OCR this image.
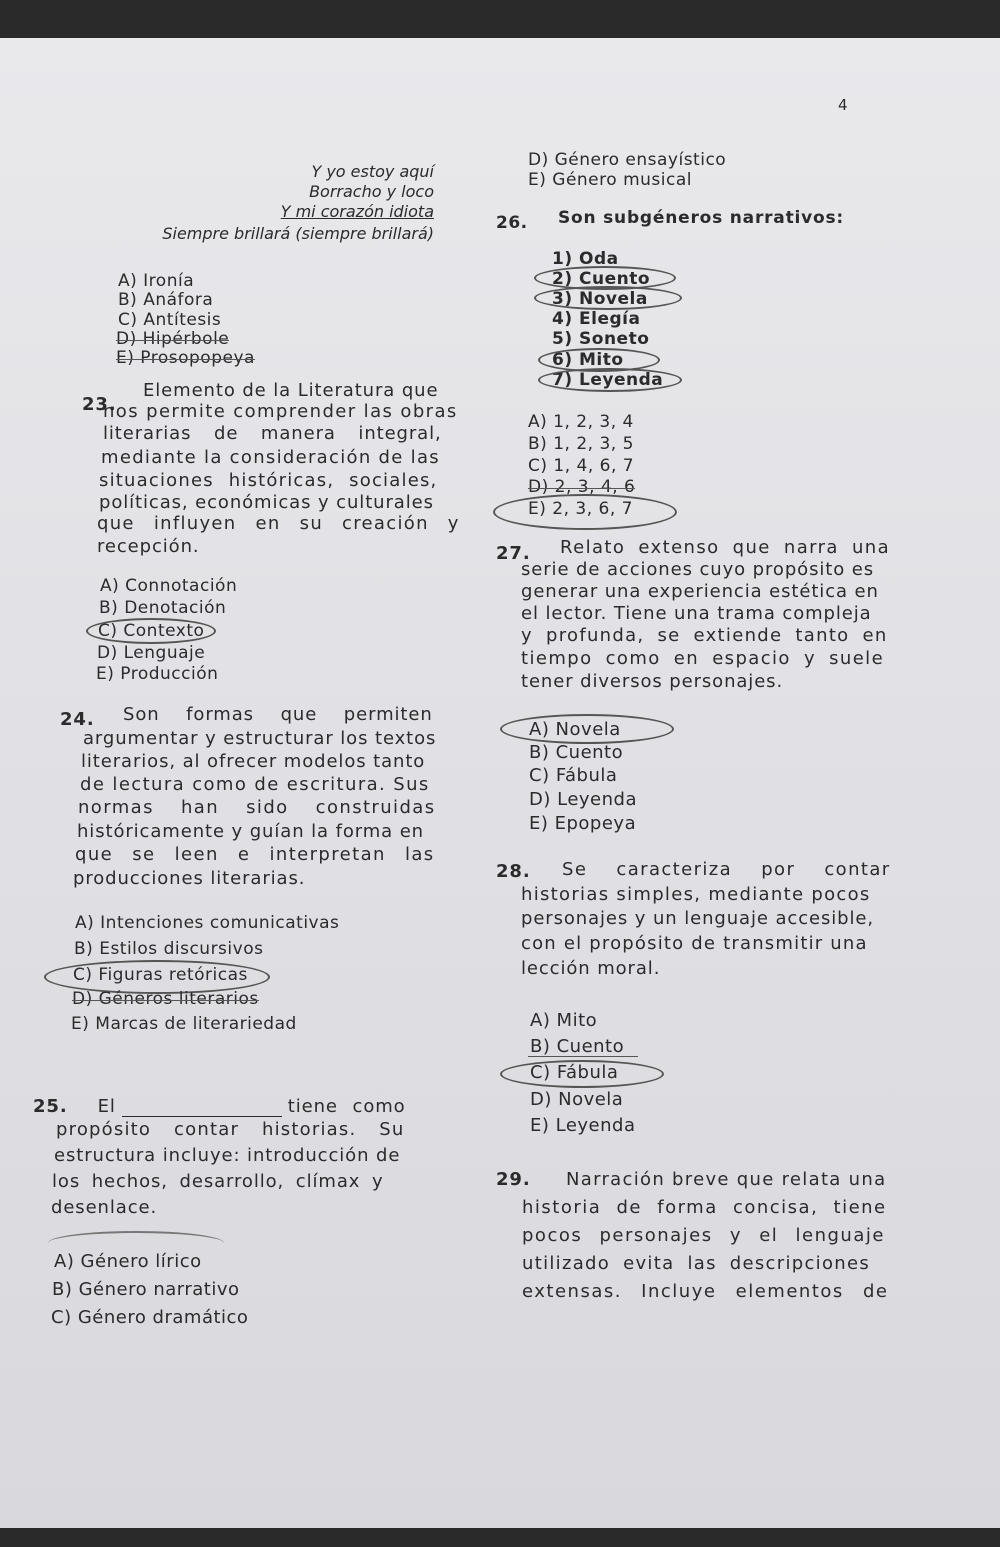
4
Y yo estoy aquí
Borracho y loco
Y mi corazón idiota
Siempre brillará (siempre brillará)
A) Ironía
B) Anáfora
C) Antítesis
D) Hipérbole
E) Prosopopeya
23.
Elemento de la Literatura que
nos permite comprender las obras
literarias de manera integral,
mediante la consideración de las
situaciones históricas, sociales,
políticas, económicas y culturales
que influyen en su creación y
recepción.
A) Connotación
B) Denotación
C) Contexto
D) Lenguaje
E) Producción
24. Son formas que permiten
argumentar y estructurar los textos
literarios, al ofrecer modelos tanto
de lectura como de escritura. Sus
normas han sido construidas
históricamente y guían la forma en
que se leen e interpretan las
producciones literarias.
A) Intenciones comunicativas
B) Estilos discursivos
C) Figuras retóricas
D) Géneros literarios
E) Marcas de literariedad
25. El	tiene como
propósito contar historias. Su
estructura incluye: introducción de
los hechos, desarrollo, clímax y
desenlace.
A) Género lírico
B) Género narrativo
C) Género dramático
D) Género ensayístico
E) Género musical
26. Son subgéneros narrativos:
1) Oda
2) Cuento
3) Novela
4) Elegía
5) Soneto
6) Mito
7) Leyenda
A) 1, 2, 3, 4
B) 1, 2, 3, 5
C) 1, 4, 6, 7
D) 2, 3, 4, 6
E) 2, 3, 6, 7
27. Relato extenso que narra una
serie de acciones cuyo propósito es
generar una experiencia estética en
el lector. Tiene una trama compleja
y profunda, se extiende tanto en
tiempo como en espacio y suele
tener diversos personajes.
A) Novela
B) Cuento
C) Fábula
D) Leyenda
E) Epopeya
28. Se caracteriza por contar
historias simples, mediante pocos
personajes y un lenguaje accesible,
con el propósito de transmitir una
lección moral.
A) Mito
B) Cuento
C) Fábula
D) Novela
E) Leyenda
29. Narración breve que relata una
historia de forma concisa, tiene
pocos personajes y el lenguaje
utilizado evita las descripciones
extensas. Incluye elementos de
